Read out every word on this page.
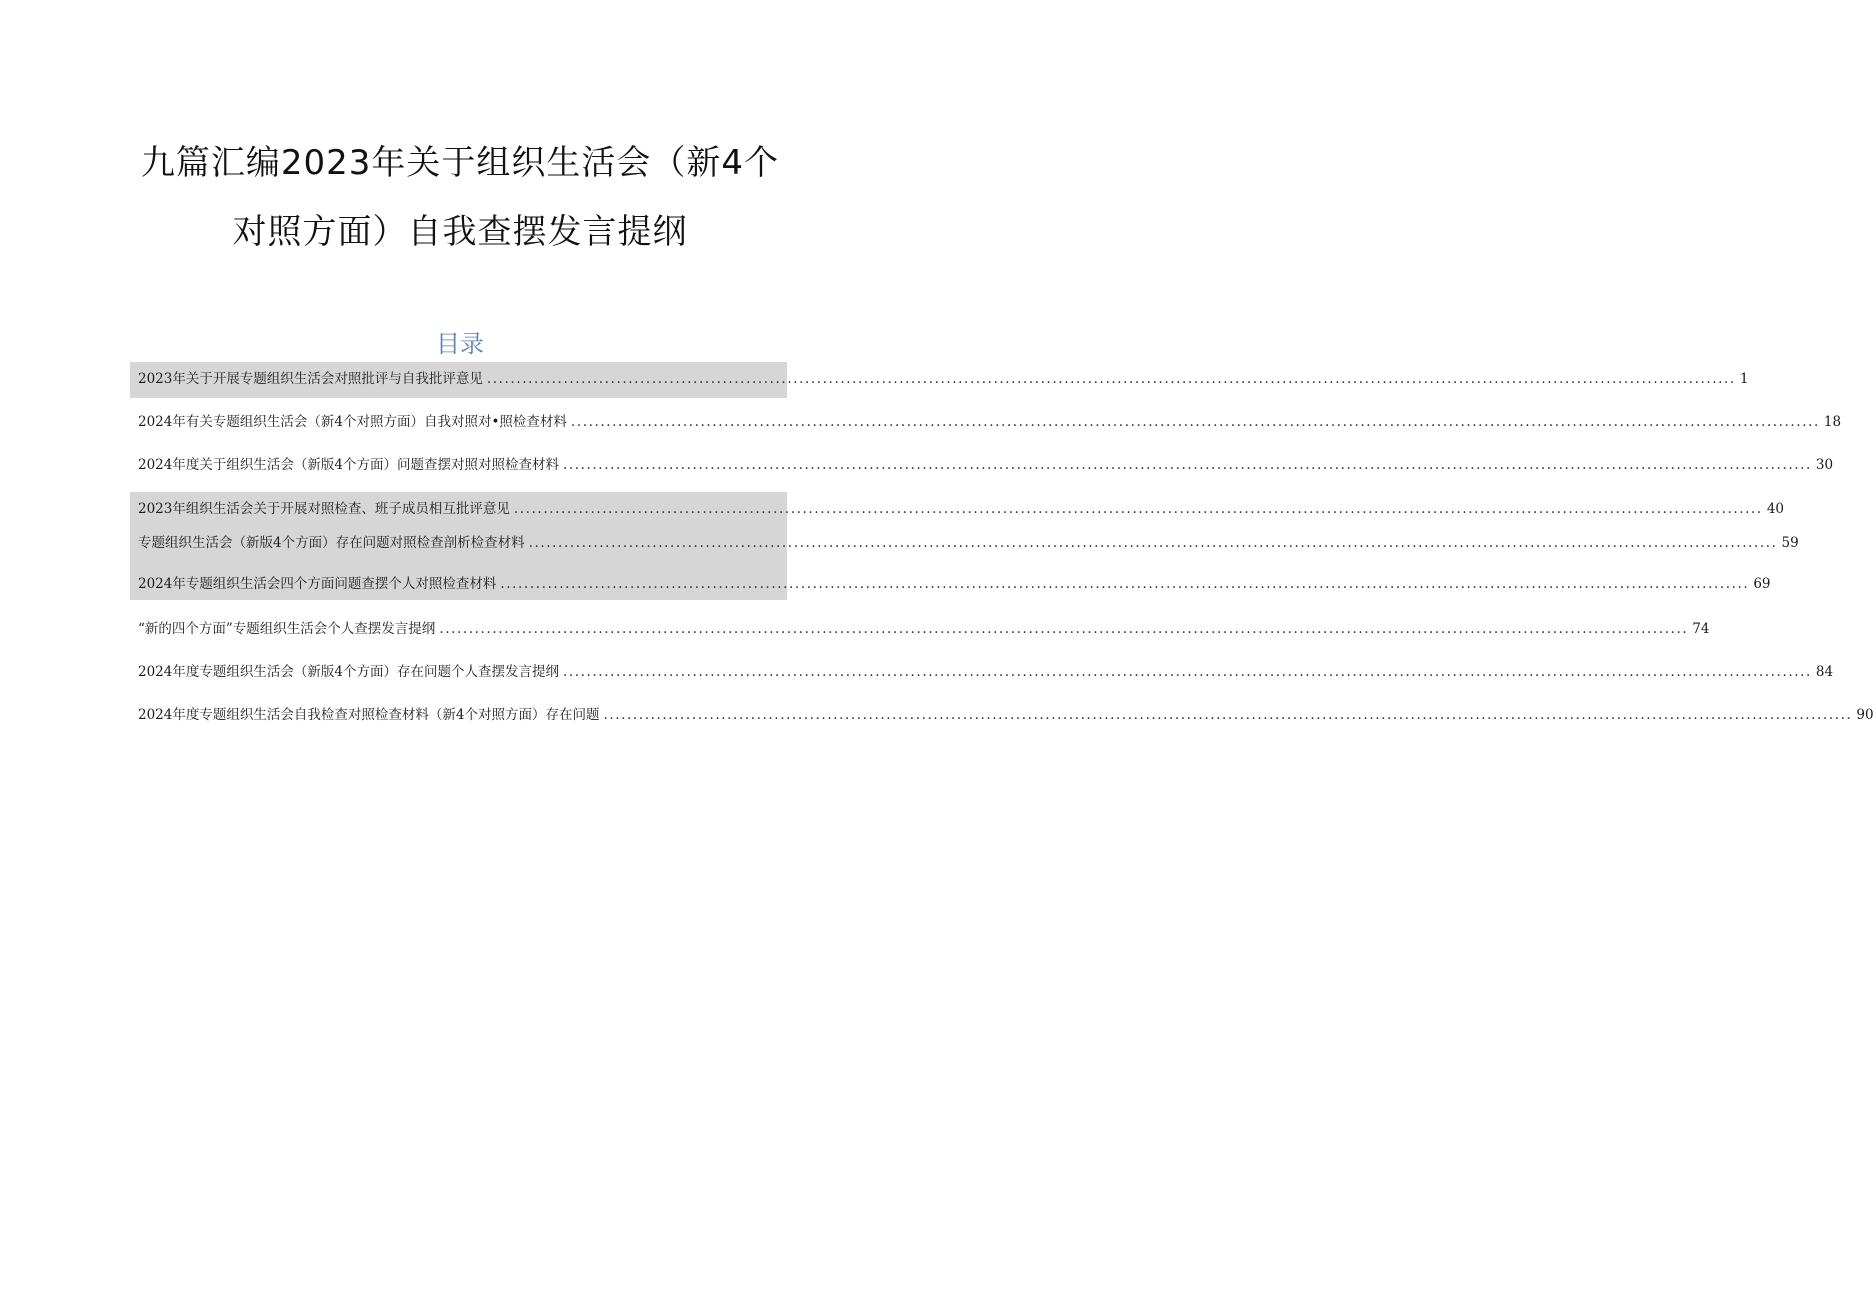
九篇汇编2023年关于组织生活会（新4个
对照方面）自我查摆发言提纲
目录
2023年关于开展专题组织生活会对照批评与自我批评意见 .....	1
2024年有关专题组织生活会（新4个对照方面）自我对照对•照检查材料 .....	18
2024年度关于组织生活会（新版4个方面）问题查摆对照对照检查材料 .....	30
2023年组织生活会关于开展对照检查、班子成员相互批评意见 .....	40
专题组织生活会（新版4个方面）存在问题对照检查剖析检查材料 .....	59
2024年专题组织生活会四个方面问题查摆个人对照检查材料 .....	69
“新的四个方面”专题组织生活会个人查摆发言提纲 .....	74
2024年度专题组织生活会（新版4个方面）存在问题个人查摆发言提纲 .....	84
2024年度专题组织生活会自我检查对照检查材料（新4个对照方面）存在问题 .....	90
